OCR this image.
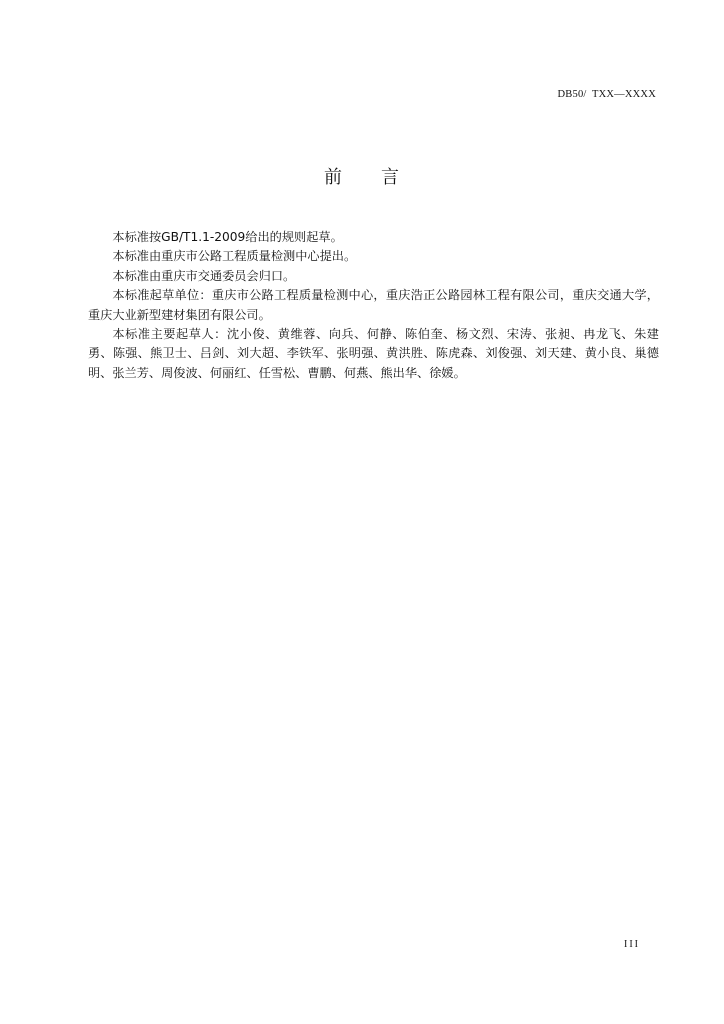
DB50/  TXX—XXXX
前 言

本标准按GB/T1.1-2009给出的规则起草。

本标准由重庆市公路工程质量检测中心提出。

本标准由重庆市交通委员会归口。

本标准起草单位：重庆市公路工程质量检测中心，重庆浩正公路园林工程有限公司，重庆交通大学，重庆大业新型建材集团有限公司。

本标准主要起草人：沈小俊、黄维蓉、向兵、何静、陈伯奎、杨文烈、宋涛、张昶、冉龙飞、朱建勇、陈强、熊卫士、吕剑、刘大超、李铁军、张明强、黄洪胜、陈虎森、刘俊强、刘天建、黄小良、巢德明、张兰芳、周俊波、何丽红、任雪松、曹鹏、何燕、熊出华、徐媛。

III
